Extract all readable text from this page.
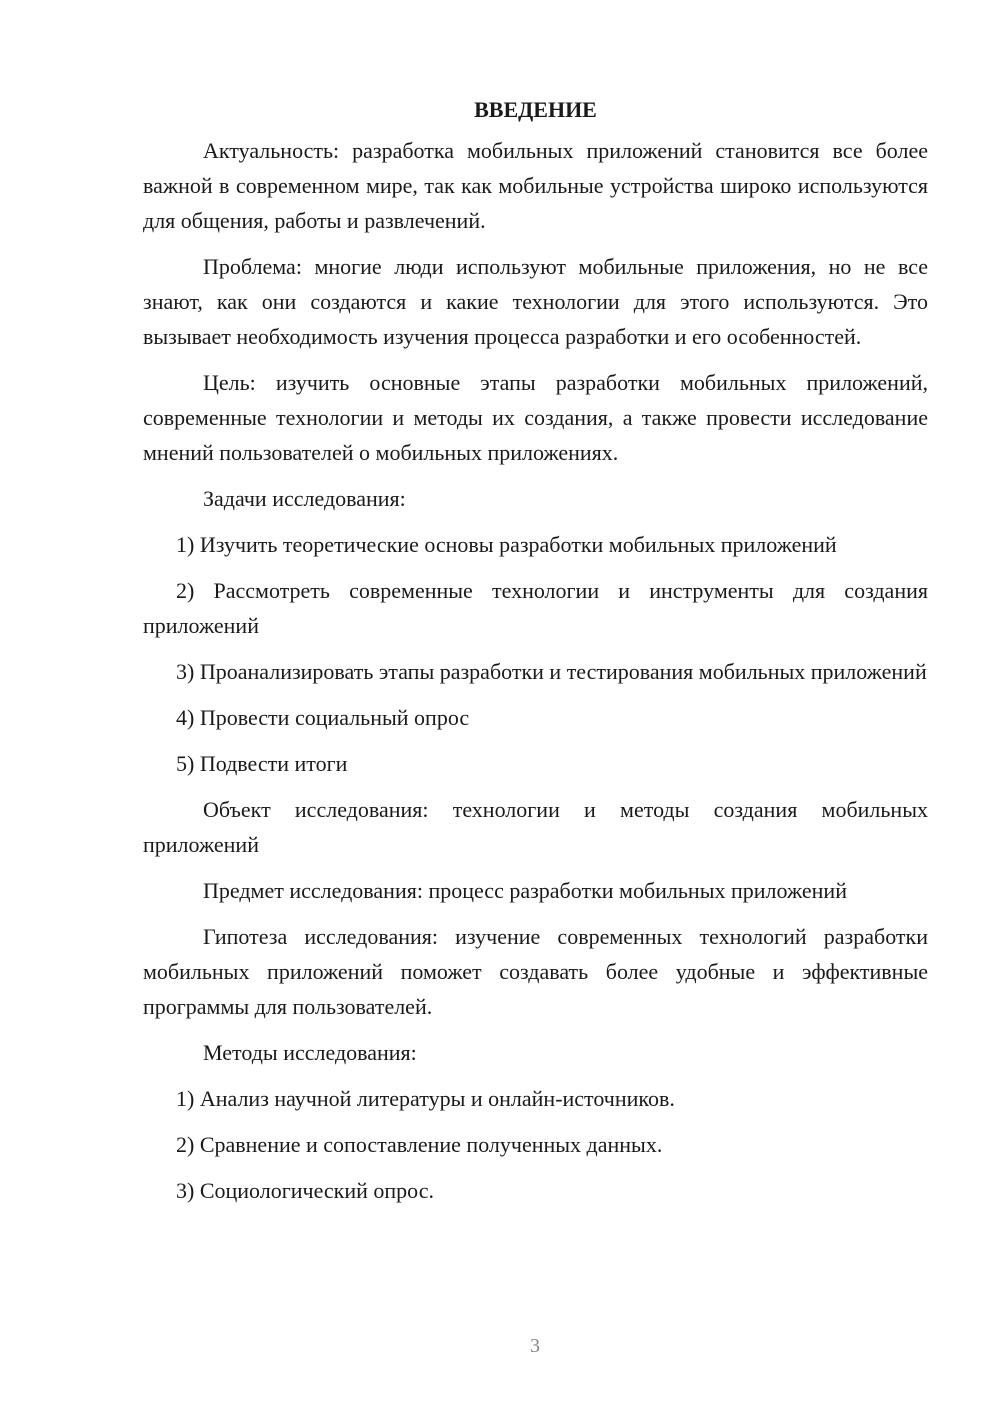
ВВЕДЕНИЕ

Актуальность: разработка мобильных приложений становится все более важной в современном мире, так как мобильные устройства широко используются для общения, работы и развлечений.

Проблема: многие люди используют мобильные приложения, но не все знают, как они создаются и какие технологии для этого используются. Это вызывает необходимость изучения процесса разработки и его особенностей.

Цель: изучить основные этапы разработки мобильных приложений, современные технологии и методы их создания, а также провести исследование мнений пользователей о мобильных приложениях.

Задачи исследования:

1) Изучить теоретические основы разработки мобильных приложений

2) Рассмотреть современные технологии и инструменты для создания приложений

3) Проанализировать этапы разработки и тестирования мобильных приложений

4) Провести социальный опрос

5) Подвести итоги

Объект исследования: технологии и методы создания мобильных приложений

Предмет исследования: процесс разработки мобильных приложений

Гипотеза исследования: изучение современных технологий разработки мобильных приложений поможет создавать более удобные и эффективные программы для пользователей.

Методы исследования:

1) Анализ научной литературы и онлайн-источников.

2) Сравнение и сопоставление полученных данных.

3) Социологический опрос.

3
